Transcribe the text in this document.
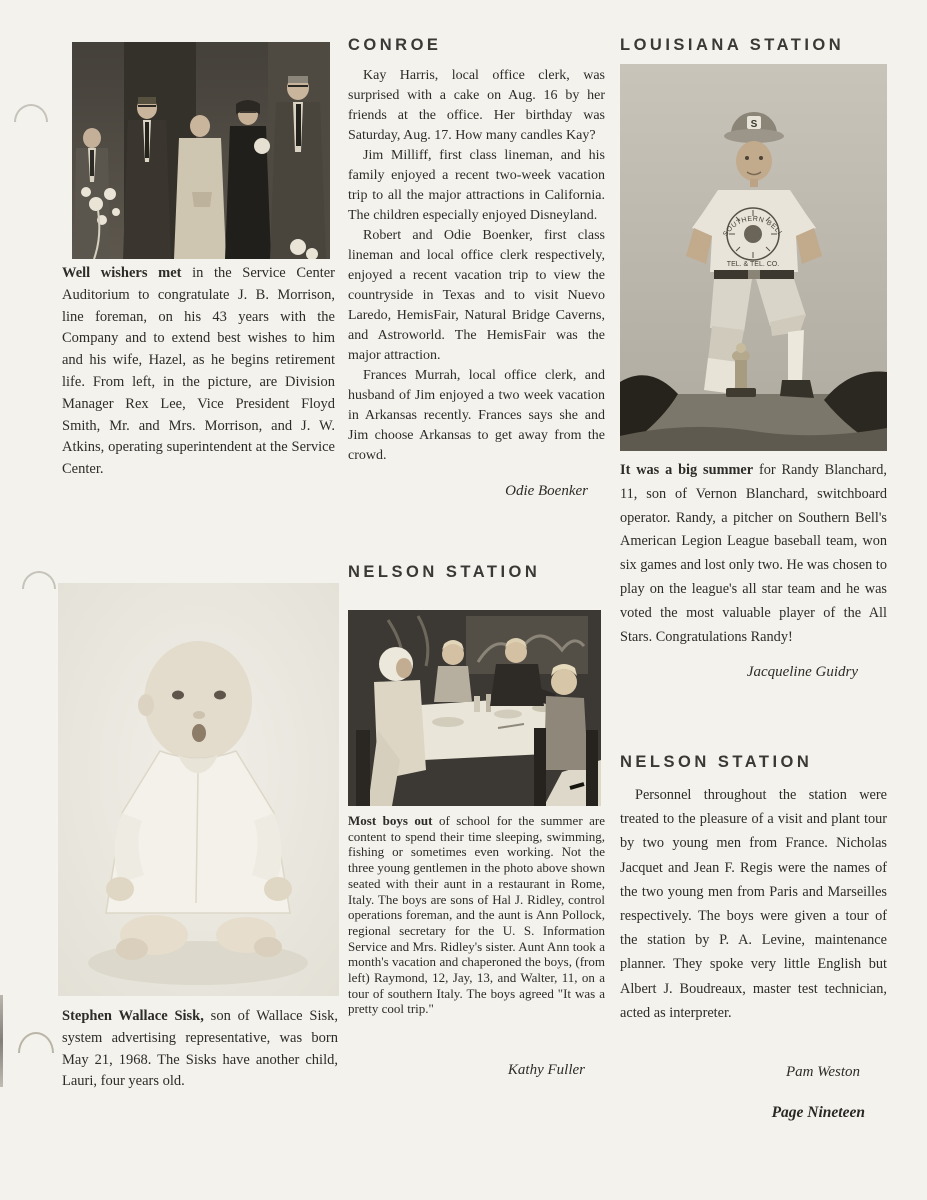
Well wishers met in the Service Center Auditorium to congratulate J. B. Morrison, line foreman, on his 43 years with the Company and to extend best wishes to him and his wife, Hazel, as he begins retirement life. From left, in the picture, are Division Manager Rex Lee, Vice President Floyd Smith, Mr. and Mrs. Morrison, and J. W. Atkins, operating superintendent at the Service Center.
Stephen Wallace Sisk, son of Wallace Sisk, system advertising representative, was born May 21, 1968. The Sisks have another child, Lauri, four years old.
CONROE

Kay Harris, local office clerk, was surprised with a cake on Aug. 16 by her friends at the office. Her birthday was Saturday, Aug. 17. How many candles Kay?

Jim Milliff, first class lineman, and his family enjoyed a recent two-week vacation trip to all the major attractions in California. The children especially enjoyed Disneyland.

Robert and Odie Boenker, first class lineman and local office clerk respectively, enjoyed a recent vacation trip to view the countryside in Texas and to visit Nuevo Laredo, HemisFair, Natural Bridge Caverns, and Astroworld. The HemisFair was the major attraction.

Frances Murrah, local office clerk, and husband of Jim enjoyed a two week vacation in Arkansas recently. Frances says she and Jim choose Arkansas to get away from the crowd.

Odie Boenker
NELSON STATION
Most boys out of school for the summer are content to spend their time sleeping, swimming, fishing or sometimes even working. Not the three young gentlemen in the photo above shown seated with their aunt in a restaurant in Rome, Italy. The boys are sons of Hal J. Ridley, control operations foreman, and the aunt is Ann Pollock, regional secretary for the U. S. Information Service and Mrs. Ridley's sister. Aunt Ann took a month's vacation and chaperoned the boys, (from left) Raymond, 12, Jay, 13, and Walter, 11, on a tour of southern Italy. The boys agreed "It was a pretty cool trip."
Kathy Fuller
LOUISIANA STATION
S
SOUTHERN BELL
TEL. & TEL. CO.
It was a big summer for Randy Blanchard, 11, son of Vernon Blanchard, switchboard operator. Randy, a pitcher on Southern Bell's American Legion League baseball team, won six games and lost only two. He was chosen to play on the league's all star team and he was voted the most valuable player of the All Stars. Congratulations Randy!
Jacqueline Guidry
NELSON STATION

Personnel throughout the station were treated to the pleasure of a visit and plant tour by two young men from France. Nicholas Jacquet and Jean F. Regis were the names of the two young men from Paris and Marseilles respectively. The boys were given a tour of the station by P. A. Levine, maintenance planner. They spoke very little English but Albert J. Boudreaux, master test technician, acted as interpreter.

Pam Weston
Page Nineteen
